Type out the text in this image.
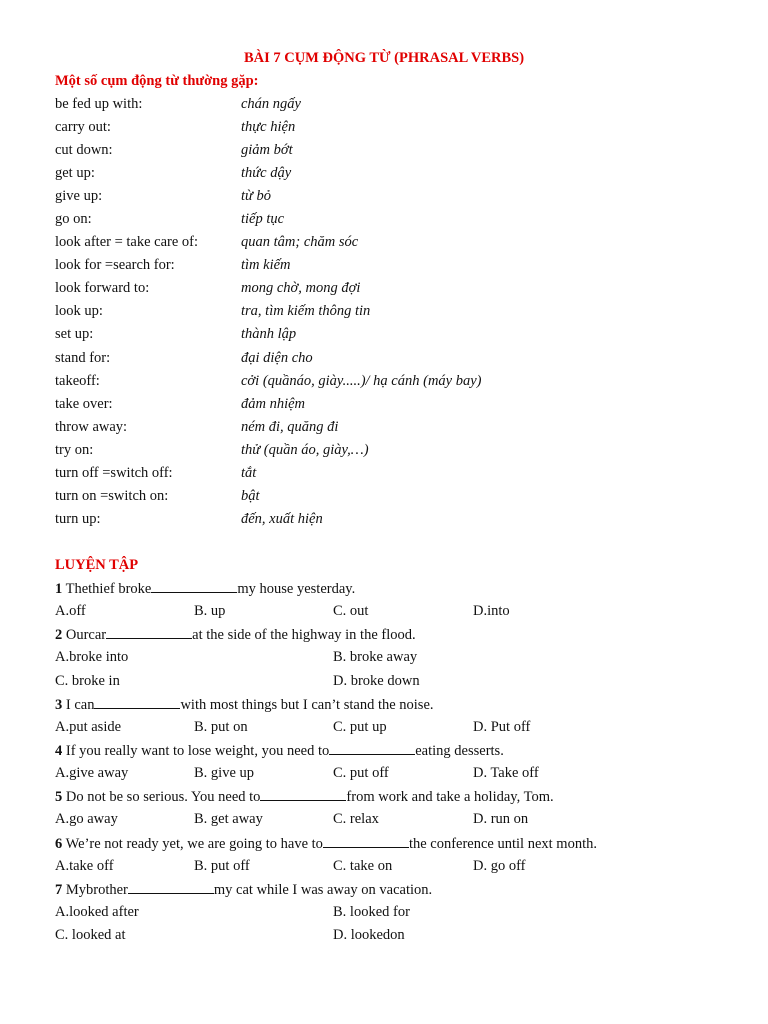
BÀI 7 CỤM ĐỘNG TỪ (PHRASAL VERBS)
Một số cụm động từ thường gặp:
be fed up with:	chán ngấy
carry out:	thực hiện
cut down:	giảm bớt
get up:	thức dậy
give up:	từ bỏ
go on:	tiếp tục
look after = take care of:	quan tâm; chăm sóc
look for =search for:	tìm kiếm
look forward to:	mong chờ, mong đợi
look up:	tra, tìm kiếm thông tin
set up:	thành lập
stand for:	đại diện cho
takeoff:	cởi (quầnáo, giày.....)/ hạ cánh (máy bay)
take over:	đảm nhiệm
throw away:	ném đi, quăng đi
try on:	thử (quần áo, giày,…)
turn off =switch off:	tắt
turn on =switch on:	bật
turn up:	đến, xuất hiện
LUYỆN TẬP
1 Thethief broke	my house yesterday.
A.off	B. up	C. out	D.into
2 Ourcar	at the side of the highway in the flood.
A.broke into	B. broke away
C. broke in	D. broke down
3 I can	with most things but I can’t stand the noise.
A.put aside	B. put on	C. put up	D. Put off
4 If you really want to lose weight, you need to	eating desserts.
A.give away	B. give up	C. put off	D. Take off
5 Do not be so serious. You need to	from work and take a holiday, Tom.
A.go away	B. get away	C. relax	D. run on
6 We’re not ready yet, we are going to have to	the conference until next month.
A.take off	B. put off	C. take on	D. go off
7 Mybrother	my cat while I was away on vacation.
A.looked after	B. looked for
C. looked at	D. lookedon
